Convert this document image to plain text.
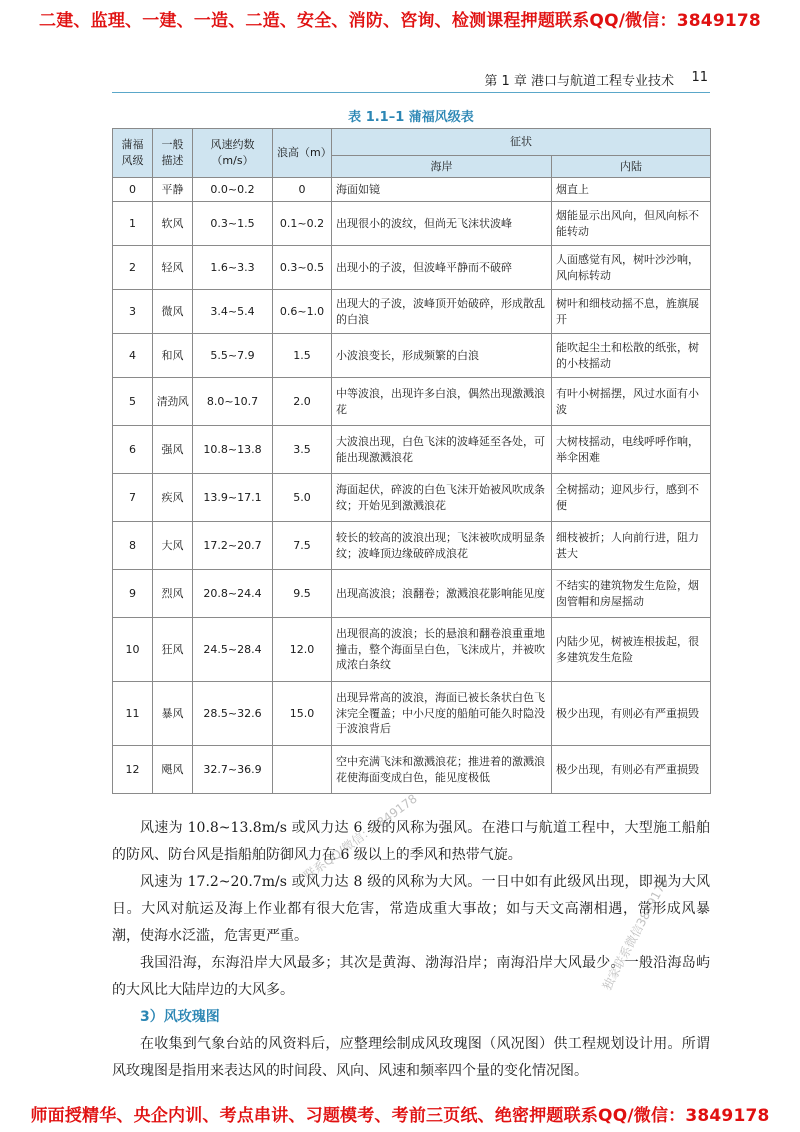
二建、监理、一建、一造、二造、安全、消防、咨询、检测课程押题联系QQ/微信：3849178
第 1 章 港口与航道工程专业技术 11
表 1.1–1 蒲福风级表
蒲福风级	一般描述	风速约数（m/s）	浪高（m）	征状	
				海岸	内陆
0	平静	0.0~0.2	0	海面如镜	烟直上
1	软风	0.3~1.5	0.1~0.2	出现很小的波纹，但尚无飞沫状波峰	烟能显示出风向，但风向标不能转动
2	轻风	1.6~3.3	0.3~0.5	出现小的子波，但波峰平静而不破碎	人面感觉有风，树叶沙沙响，风向标转动
3	微风	3.4~5.4	0.6~1.0	出现大的子波，波峰顶开始破碎，形成散乱的白浪	树叶和细枝动摇不息，旌旗展开
4	和风	5.5~7.9	1.5	小波浪变长，形成频繁的白浪	能吹起尘土和松散的纸张，树的小枝摇动
5	清劲风	8.0~10.7	2.0	中等波浪，出现许多白浪，偶然出现激溅浪花	有叶小树摇摆，风过水面有小波
6	强风	10.8~13.8	3.5	大波浪出现，白色飞沫的波峰延至各处，可能出现激溅浪花	大树枝摇动，电线呼呼作响，举伞困难
7	疾风	13.9~17.1	5.0	海面起伏，碎波的白色飞沫开始被风吹成条纹；开始见到激溅浪花	全树摇动；迎风步行，感到不便
8	大风	17.2~20.7	7.5	较长的较高的波浪出现；飞沫被吹成明显条纹；波峰顶边缘破碎成浪花	细枝被折；人向前行进，阻力甚大
9	烈风	20.8~24.4	9.5	出现高波浪；浪翻卷；激溅浪花影响能见度	不结实的建筑物发生危险，烟囱管帽和房屋摇动
10	狂风	24.5~28.4	12.0	出现很高的波浪；长的悬浪和翻卷浪重重地撞击，整个海面呈白色，飞沫成片，并被吹成浓白条纹	内陆少见，树被连根拔起，很多建筑发生危险
11	暴风	28.5~32.6	15.0	出现异常高的波浪，海面已被长条状白色飞沫完全覆盖；中小尺度的船舶可能久时隐没于波浪背后	极少出现，有则必有严重损毁
12	飓风	32.7~36.9		空中充满飞沫和激溅浪花；推进着的激溅浪花使海面变成白色，能见度极低	极少出现，有则必有严重损毁

风速为 10.8~13.8m/s 或风力达 6 级的风称为强风。在港口与航道工程中，大型施工船舶的防风、防台风是指船舶防御风力在 6 级以上的季风和热带气旋。

风速为 17.2~20.7m/s 或风力达 8 级的风称为大风。一日中如有此级风出现，即视为大风日。大风对航运及海上作业都有很大危害，常造成重大事故；如与天文高潮相遇，常形成风暴潮，使海水泛滥，危害更严重。

我国沿海，东海沿岸大风最多；其次是黄海、渤海沿岸；南海沿岸大风最少。一般沿海岛屿的大风比大陆岸边的大风多。

3）风玫瑰图

在收集到气象台站的风资料后，应整理绘制成风玫瑰图（风况图）供工程规划设计用。所谓风玫瑰图是指用来表达风的时间段、风向、风速和频率四个量的变化情况图。

联系QQ/微信：3849178
独家联系微信3849178
师面授精华、央企内训、考点串讲、习题模考、考前三页纸、绝密押题联系QQ/微信：3849178
